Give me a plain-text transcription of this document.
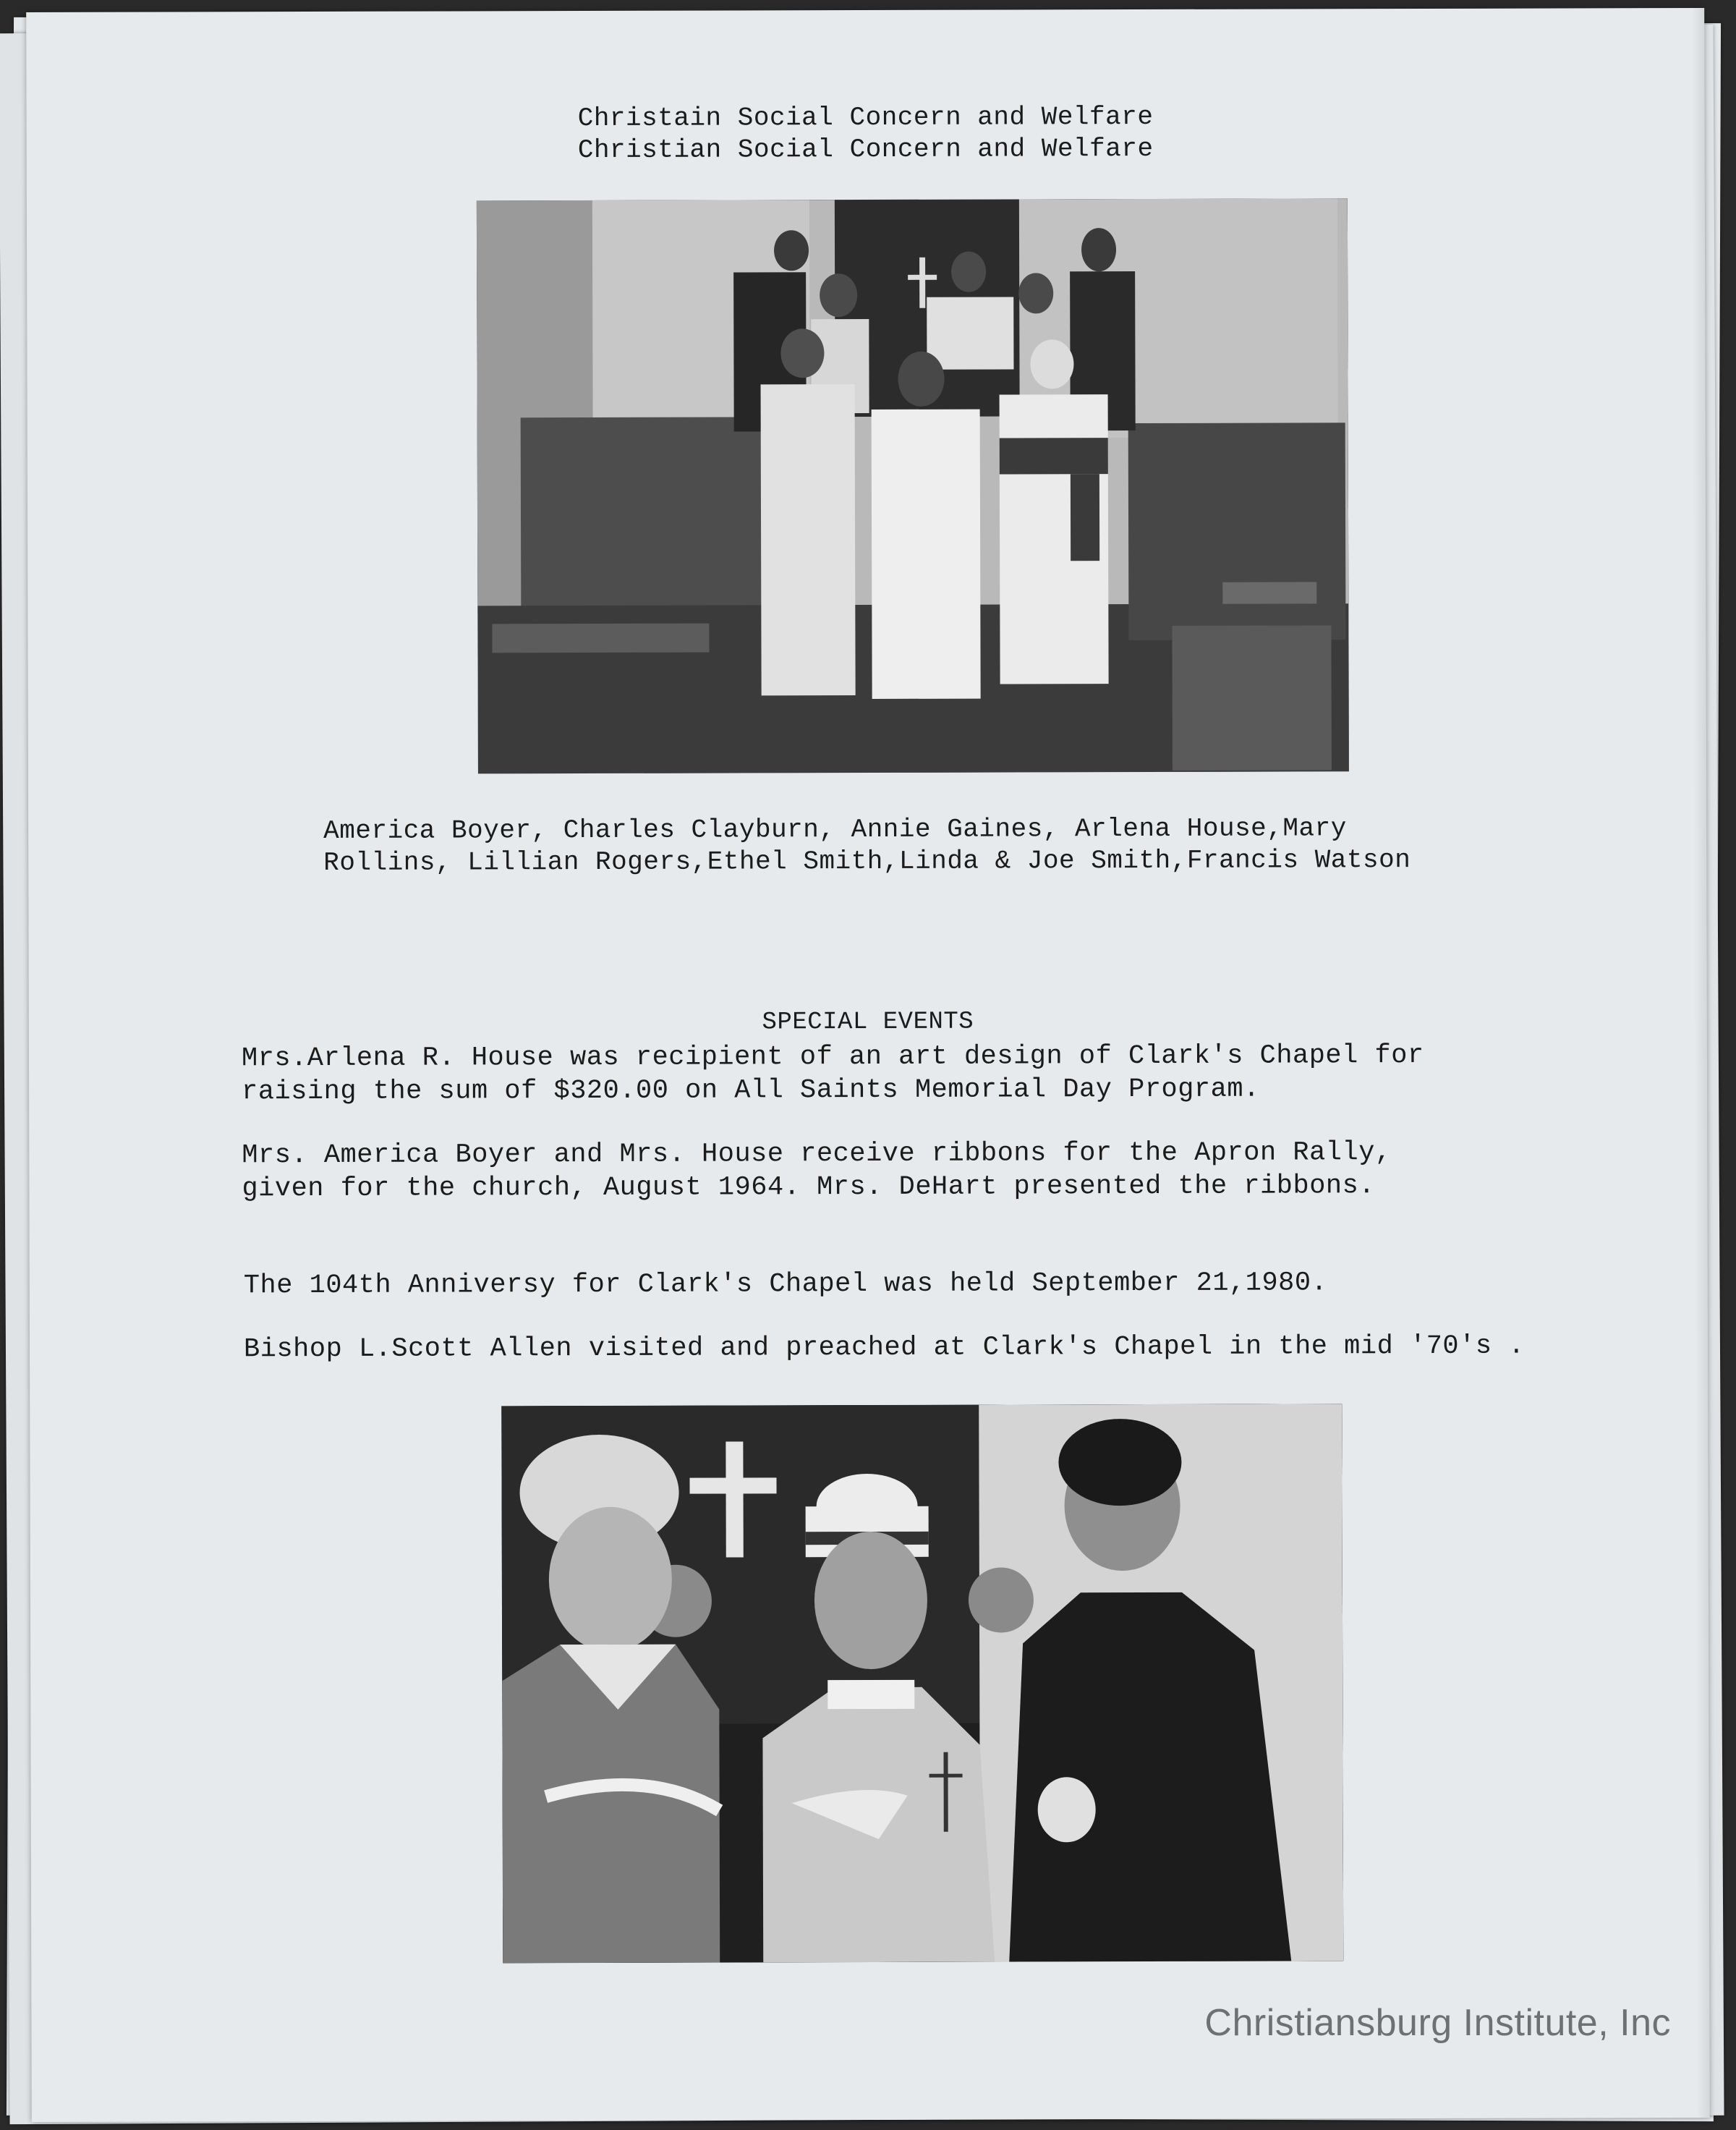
Christain Social Concern and Welfare
Christian Social Concern and Welfare
America Boyer, Charles Clayburn, Annie Gaines, Arlena House,Mary
Rollins, Lillian Rogers,Ethel Smith,Linda & Joe Smith,Francis Watson
SPECIAL EVENTS
Mrs.Arlena R. House was recipient of an art design of Clark's Chapel for
raising the sum of $320.00 on All Saints Memorial Day Program.
Mrs. America Boyer and Mrs. House receive ribbons for the Apron Rally,
given for the church, August 1964. Mrs. DeHart presented the ribbons.
The 104th Anniversy for Clark's Chapel was held September 21,1980.
Bishop L.Scott Allen visited and preached at Clark's Chapel in the mid '70's .
Christiansburg Institute, Inc
